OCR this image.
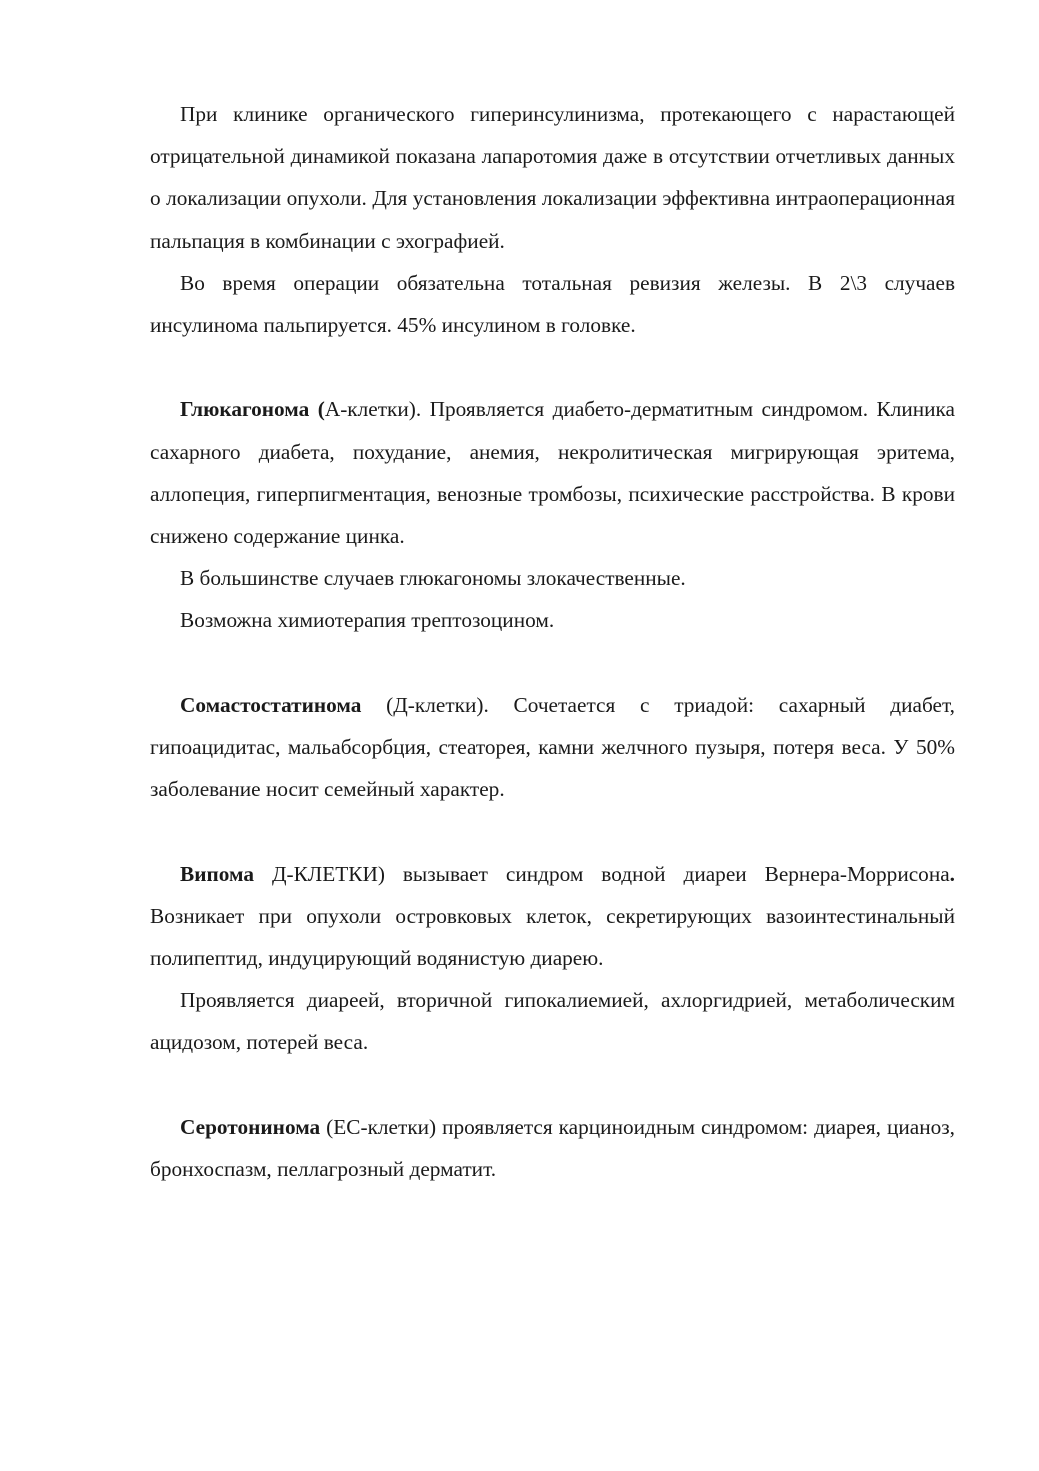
При клинике органического гиперинсулинизма, протекающего с нарастающей отрицательной динамикой показана лапаротомия даже в отсутствии отчетливых данных о локализации опухоли. Для установления локализации эффективна интраоперационная пальпация в комбинации с эхографией.

Во время операции обязательна тотальная ревизия железы. В 2\3 случаев инсулинома пальпируется. 45% инсулином в головке.

Глюкагонома (А-клетки). Проявляется диабето-дерматитным синдромом. Клиника сахарного диабета, похудание, анемия, некролитическая мигрирующая эритема, аллопеция, гиперпигментация, венозные тромбозы, психические расстройства. В крови снижено содержание цинка.

В большинстве случаев глюкагономы злокачественные.

Возможна химиотерапия трептозоцином.

Сомастостатинома (Д-клетки). Сочетается с триадой: сахарный диабет, гипоацидитас, мальабсорбция, стеаторея, камни желчного пузыря, потеря веса. У 50% заболевание носит семейный характер.

Випома Д-КЛЕТКИ) вызывает синдром водной диареи Вернера-Моррисона. Возникает при опухоли островковых клеток, секретирующих вазоинтестинальный полипептид, индуцирующий водянистую диарею.

Проявляется диареей, вторичной гипокалиемией, ахлоргидрией, метаболическим ацидозом, потерей веса.

Серотонинома (ЕС-клетки) проявляется карциноидным синдромом: диарея, цианоз, бронхоспазм, пеллагрозный дерматит.
